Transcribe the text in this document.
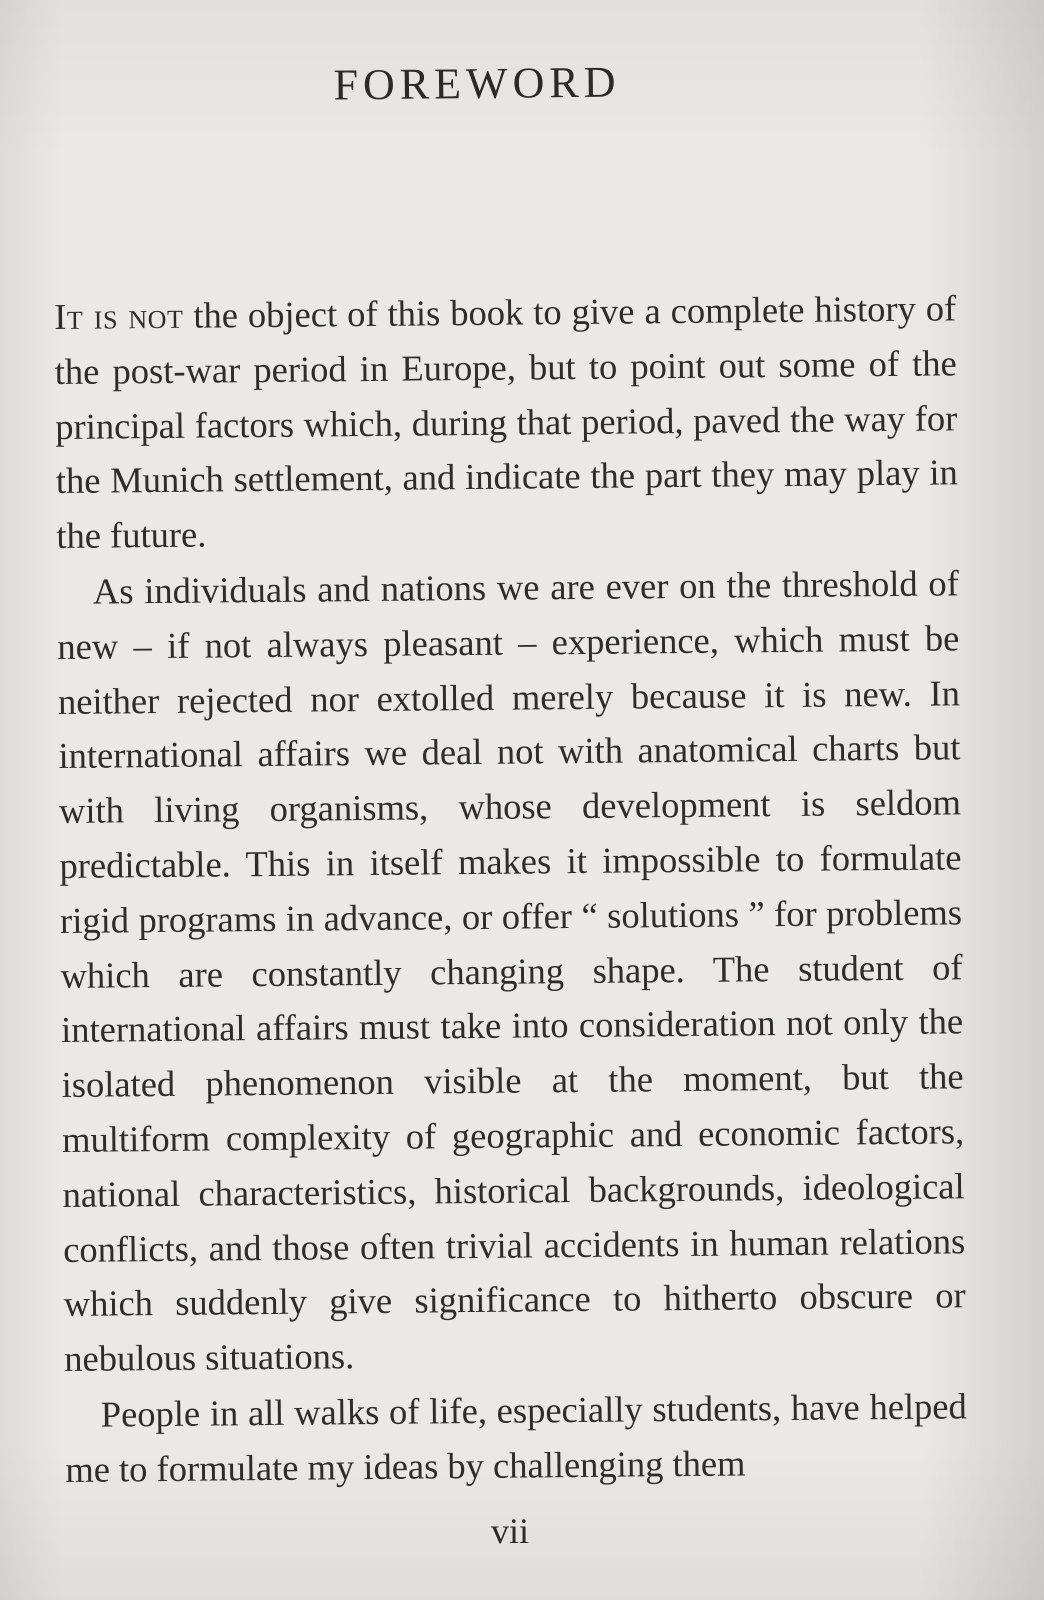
FOREWORD

It is not the object of this book to give a complete history of the post-war period in Europe, but to point out some of the principal factors which, during that period, paved the way for the Munich settlement, and indicate the part they may play in the future.

As individuals and nations we are ever on the threshold of new – if not always pleasant – experience, which must be neither rejected nor extolled merely because it is new. In international affairs we deal not with anatomical charts but with living organisms, whose development is seldom predictable. This in itself makes it impossible to formulate rigid programs in advance, or offer “ solutions ” for problems which are constantly changing shape. The student of international affairs must take into consideration not only the isolated phenomenon visible at the moment, but the multiform complexity of geographic and economic factors, national characteristics, historical backgrounds, ideological conflicts, and those often trivial accidents in human relations which suddenly give significance to hitherto obscure or nebulous situations.

People in all walks of life, especially students, have helped me to formulate my ideas by challenging them

vii
